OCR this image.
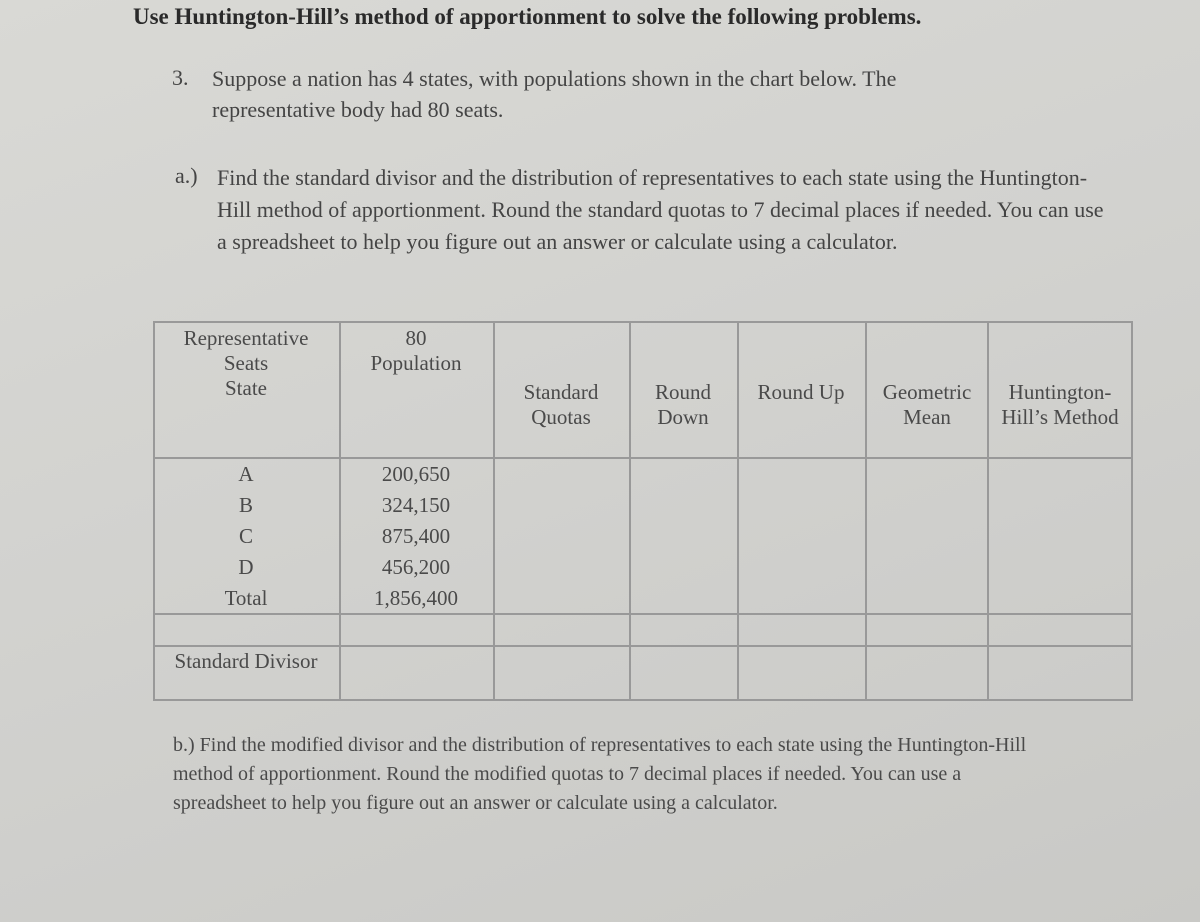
Use Huntington-Hill’s method of apportionment to solve the following problems.
3. Suppose a nation has 4 states, with populations shown in the chart below. The representative body had 80 seats.
a.) Find the standard divisor and the distribution of representatives to each state using the Huntington-Hill method of apportionment. Round the standard quotas to 7 decimal places if needed. You can use a spreadsheet to help you figure out an answer or calculate using a calculator.
Representative Seats
State
80
Population
Standard Quotas
Round Down
Round Up	Geometric Mean
Huntington-Hill’s Method
A
B
C
D
Total
200,650
324,150
875,400
456,200
1,856,400
Standard Divisor
b.) Find the modified divisor and the distribution of representatives to each state using the Huntington-Hill method of apportionment. Round the modified quotas to 7 decimal places if needed. You can use a spreadsheet to help you figure out an answer or calculate using a calculator.
